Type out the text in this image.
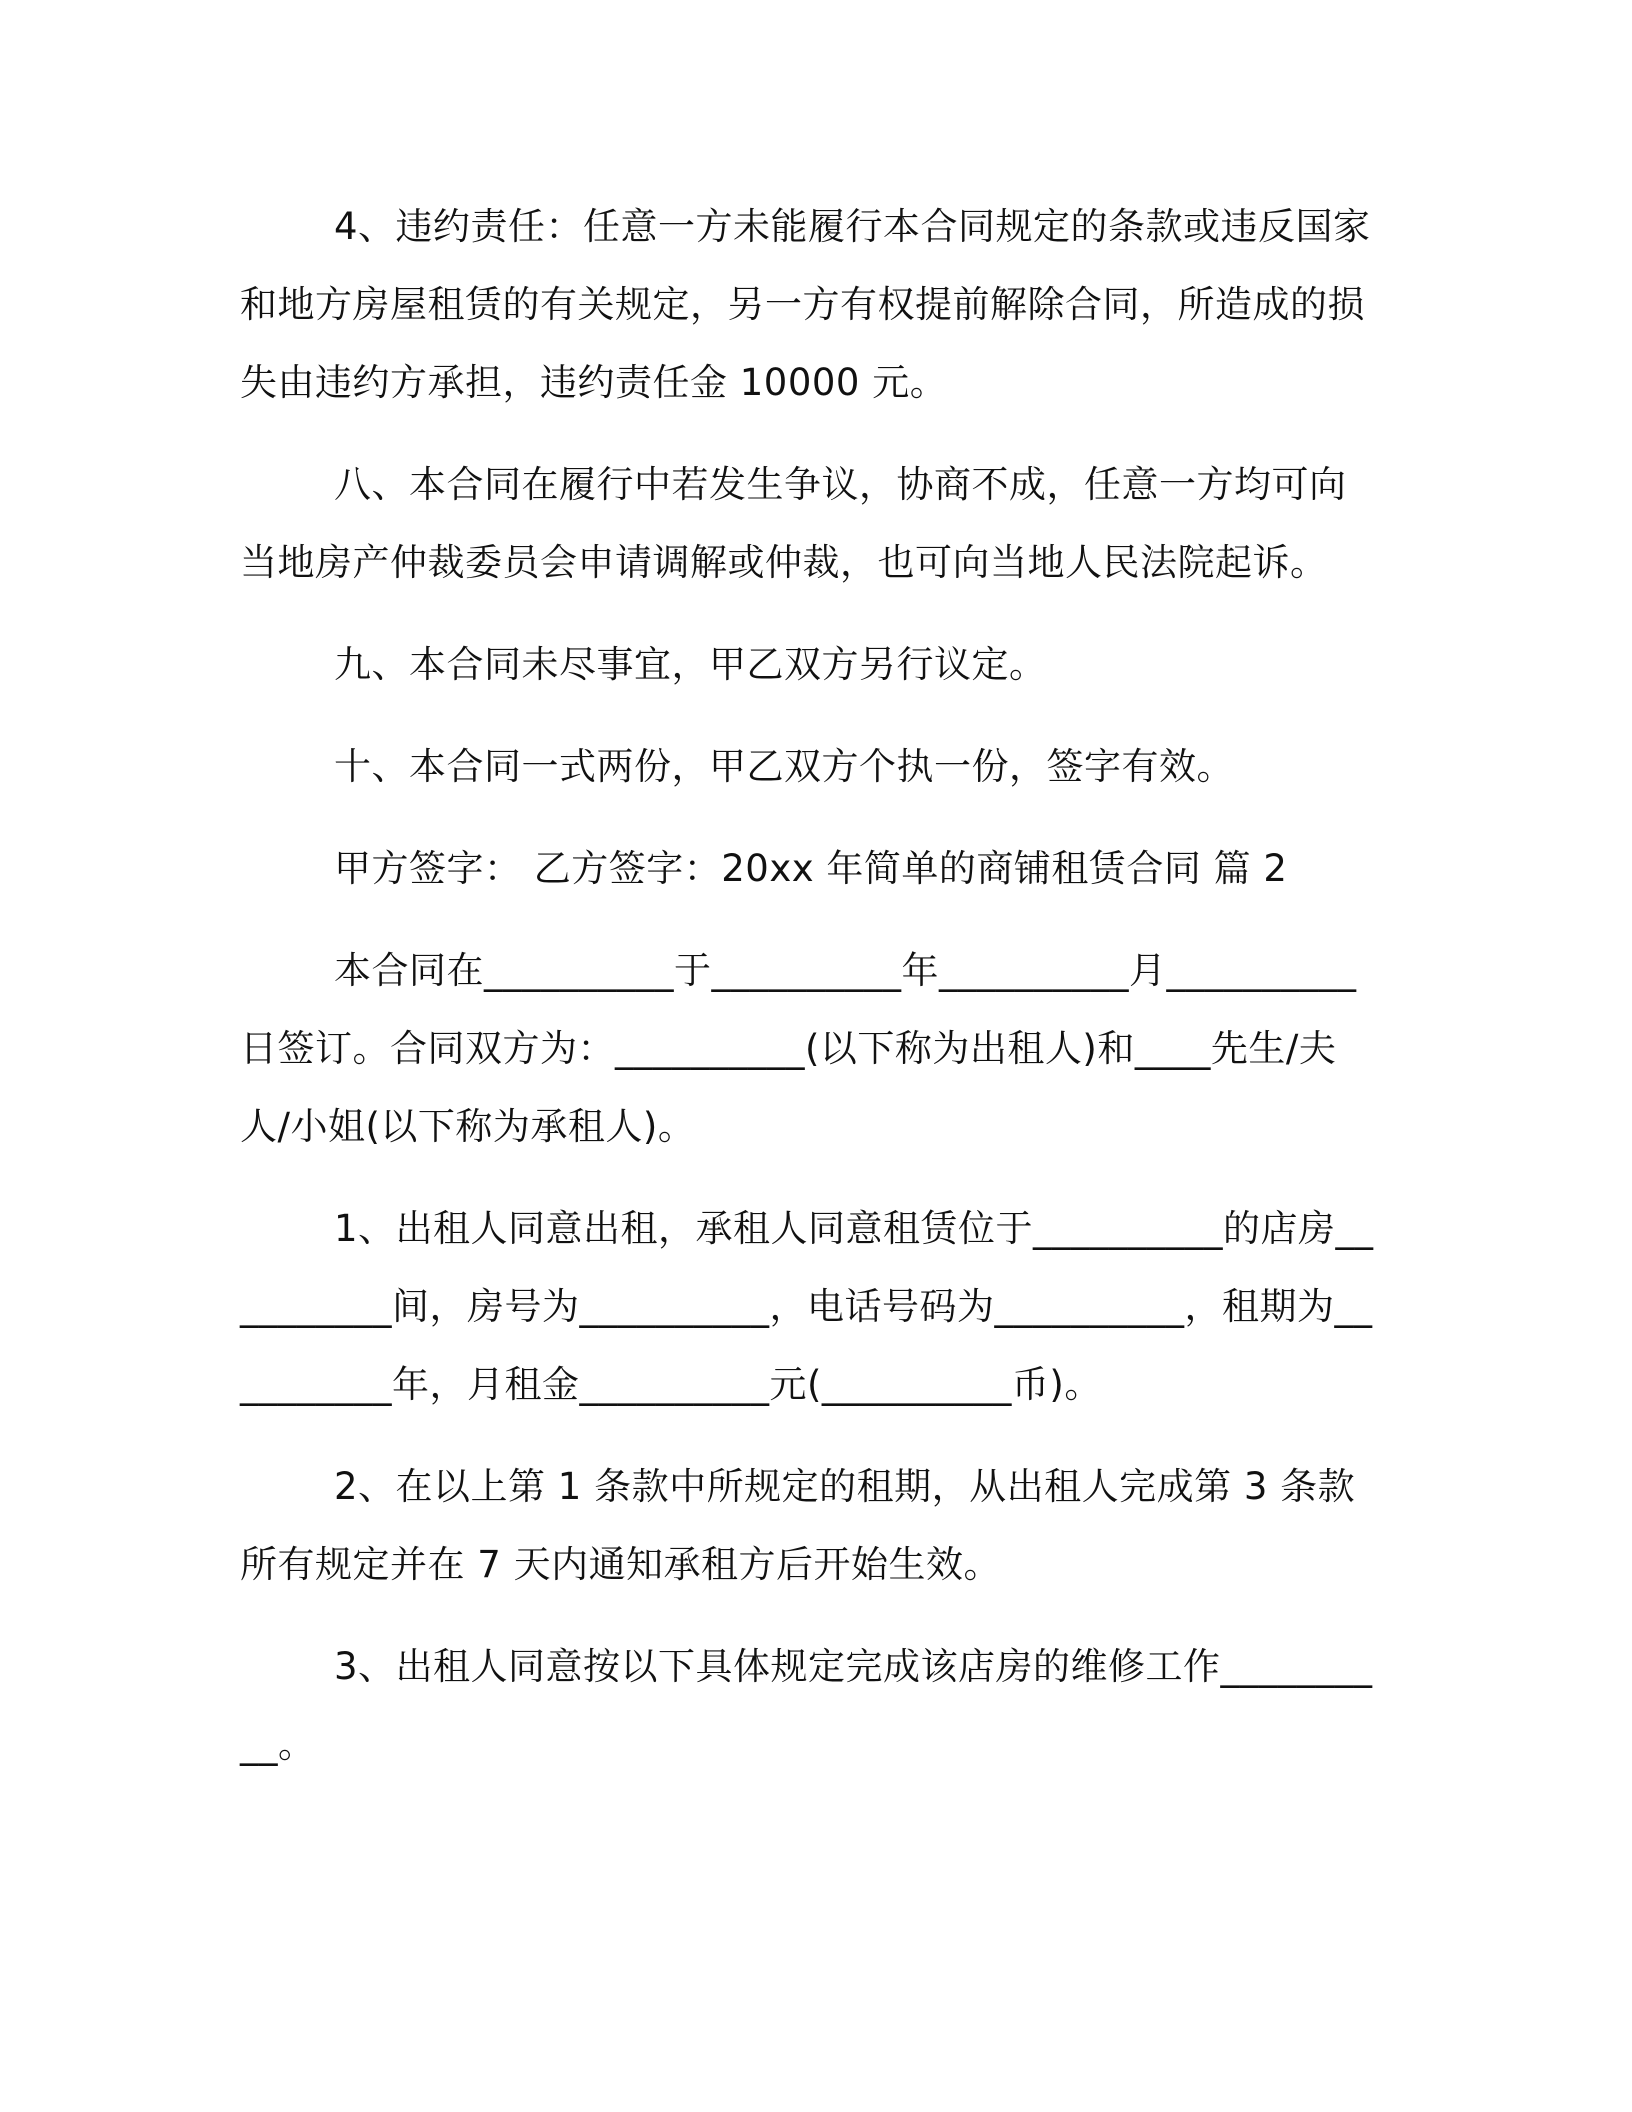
4、违约责任：任意一方未能履行本合同规定的条款或违反国家和地方房屋租赁的有关规定，另一方有权提前解除合同，所造成的损失由违约方承担，违约责任金 10000 元。

八、本合同在履行中若发生争议，协商不成，任意一方均可向当地房产仲裁委员会申请调解或仲裁，也可向当地人民法院起诉。

九、本合同未尽事宜，甲乙双方另行议定。

十、本合同一式两份，甲乙双方个执一份，签字有效。

甲方签字： 乙方签字：20xx 年简单的商铺租赁合同 篇 2

本合同在__________于__________年__________月__________日签订。合同双方为：__________(以下称为出租人)和____先生/夫人/小姐(以下称为承租人)。

1、出租人同意出租，承租人同意租赁位于__________的店房__________间，房号为__________，电话号码为__________，租期为__________年，月租金__________元(__________币)。

2、在以上第 1 条款中所规定的租期，从出租人完成第 3 条款所有规定并在 7 天内通知承租方后开始生效。

3、出租人同意按以下具体规定完成该店房的维修工作__________。
